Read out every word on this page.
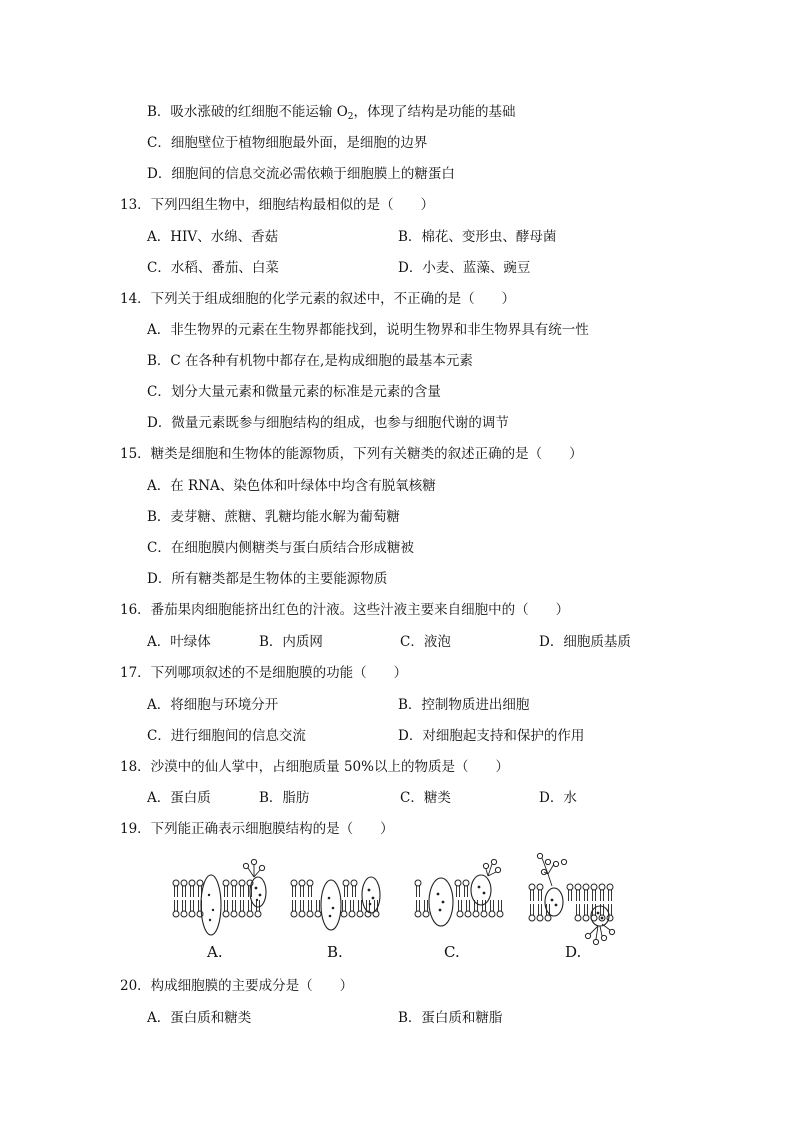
B．吸水涨破的红细胞不能运输 $O_2$，体现了结构是功能的基础
C．细胞壁位于植物细胞最外面，是细胞的边界
D．细胞间的信息交流必需依赖于细胞膜上的糖蛋白
13．下列四组生物中，细胞结构最相似的是（　　）
A．HIV、水绵、香菇	B．棉花、变形虫、酵母菌
C．水稻、番茄、白菜	D．小麦、蓝藻、豌豆
14．下列关于组成细胞的化学元素的叙述中，不正确的是（　　）
A．非生物界的元素在生物界都能找到，说明生物界和非生物界具有统一性
B．C 在各种有机物中都存在,是构成细胞的最基本元素
C．划分大量元素和微量元素的标准是元素的含量
D．微量元素既参与细胞结构的组成，也参与细胞代谢的调节
15．糖类是细胞和生物体的能源物质，下列有关糖类的叙述正确的是（　　）
A．在 RNA、染色体和叶绿体中均含有脱氧核糖
B．麦芽糖、蔗糖、乳糖均能水解为葡萄糖
C．在细胞膜内侧糖类与蛋白质结合形成糖被
D．所有糖类都是生物体的主要能源物质
16．番茄果肉细胞能挤出红色的汁液。这些汁液主要来自细胞中的（　　）
A．叶绿体	B．内质网	C．液泡	D．细胞质基质
17．下列哪项叙述的不是细胞膜的功能（　　）
A．将细胞与环境分开	B．控制物质进出细胞
C．进行细胞间的信息交流	D．对细胞起支持和保护的作用
18．沙漠中的仙人掌中，占细胞质量 50%以上的物质是（　　）
A．蛋白质	B．脂肪	C．糖类	D．水
19．下列能正确表示细胞膜结构的是（　　）
A.	B.	C.	D.
20．构成细胞膜的主要成分是（　　）
A．蛋白质和糖类	B．蛋白质和糖脂
